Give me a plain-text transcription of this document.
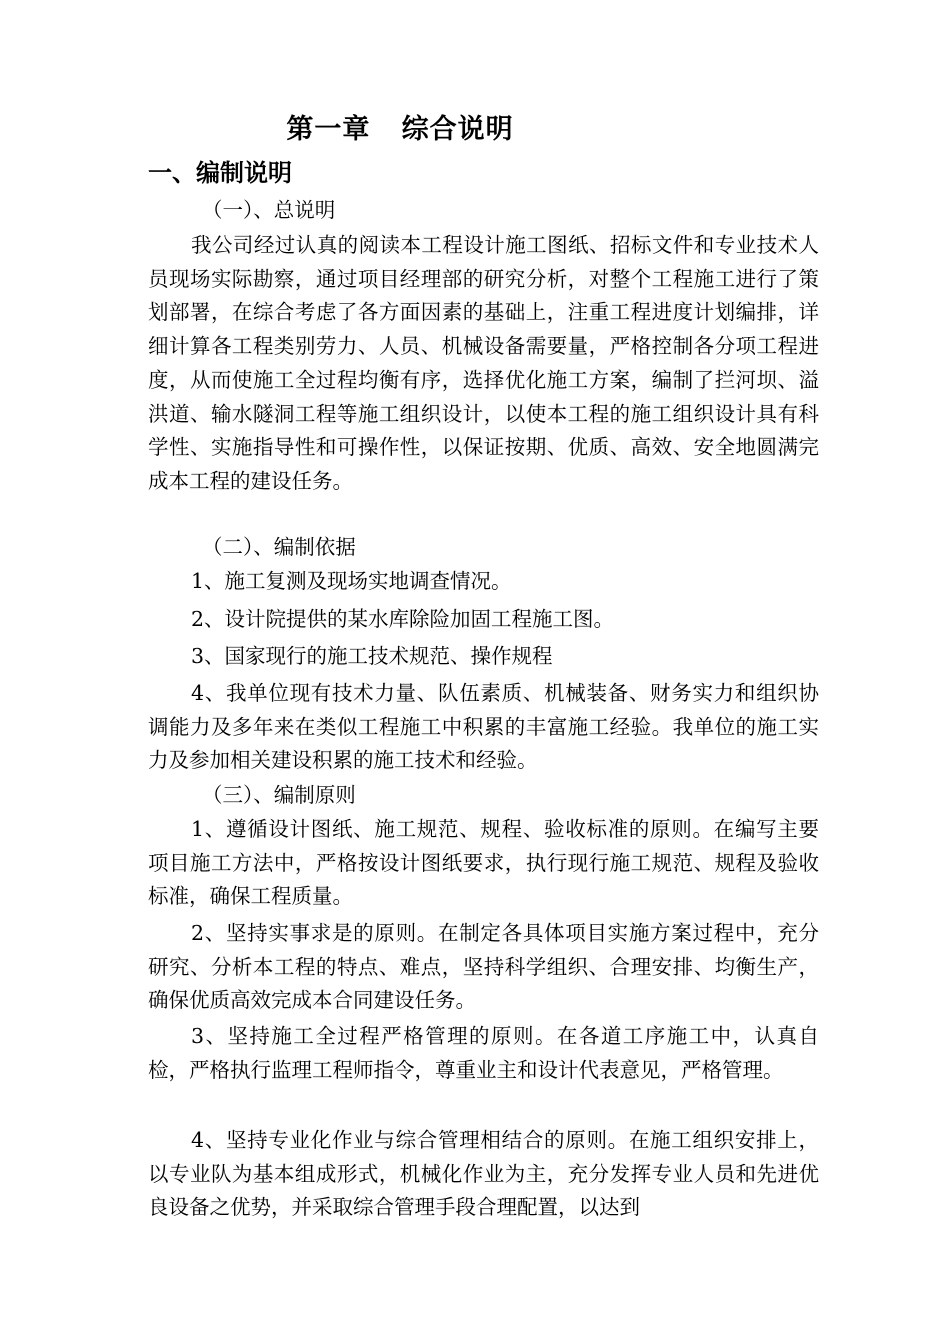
第一章   综合说明
一、编制说明
（一）、总说明

我公司经过认真的阅读本工程设计施工图纸、招标文件和专业技术人员现场实际勘察，通过项目经理部的研究分析，对整个工程施工进行了策划部署，在综合考虑了各方面因素的基础上，注重工程进度计划编排，详细计算各工程类别劳力、人员、机械设备需要量，严格控制各分项工程进度，从而使施工全过程均衡有序，选择优化施工方案，编制了拦河坝、溢洪道、输水隧洞工程等施工组织设计，以使本工程的施工组织设计具有科学性、实施指导性和可操作性，以保证按期、优质、高效、安全地圆满完成本工程的建设任务。

（二）、编制依据

1、施工复测及现场实地调查情况。

2、设计院提供的某水库除险加固工程施工图。

3、国家现行的施工技术规范、操作规程

4、我单位现有技术力量、队伍素质、机械装备、财务实力和组织协调能力及多年来在类似工程施工中积累的丰富施工经验。我单位的施工实力及参加相关建设积累的施工技术和经验。

（三）、编制原则

1、遵循设计图纸、施工规范、规程、验收标准的原则。在编写主要项目施工方法中，严格按设计图纸要求，执行现行施工规范、规程及验收标准，确保工程质量。

2、坚持实事求是的原则。在制定各具体项目实施方案过程中，充分研究、分析本工程的特点、难点，坚持科学组织、合理安排、均衡生产，确保优质高效完成本合同建设任务。

3、坚持施工全过程严格管理的原则。在各道工序施工中，认真自检，严格执行监理工程师指令，尊重业主和设计代表意见，严格管理。

4、坚持专业化作业与综合管理相结合的原则。在施工组织安排上，以专业队为基本组成形式，机械化作业为主，充分发挥专业人员和先进优良设备之优势，并采取综合管理手段合理配置，以达到
